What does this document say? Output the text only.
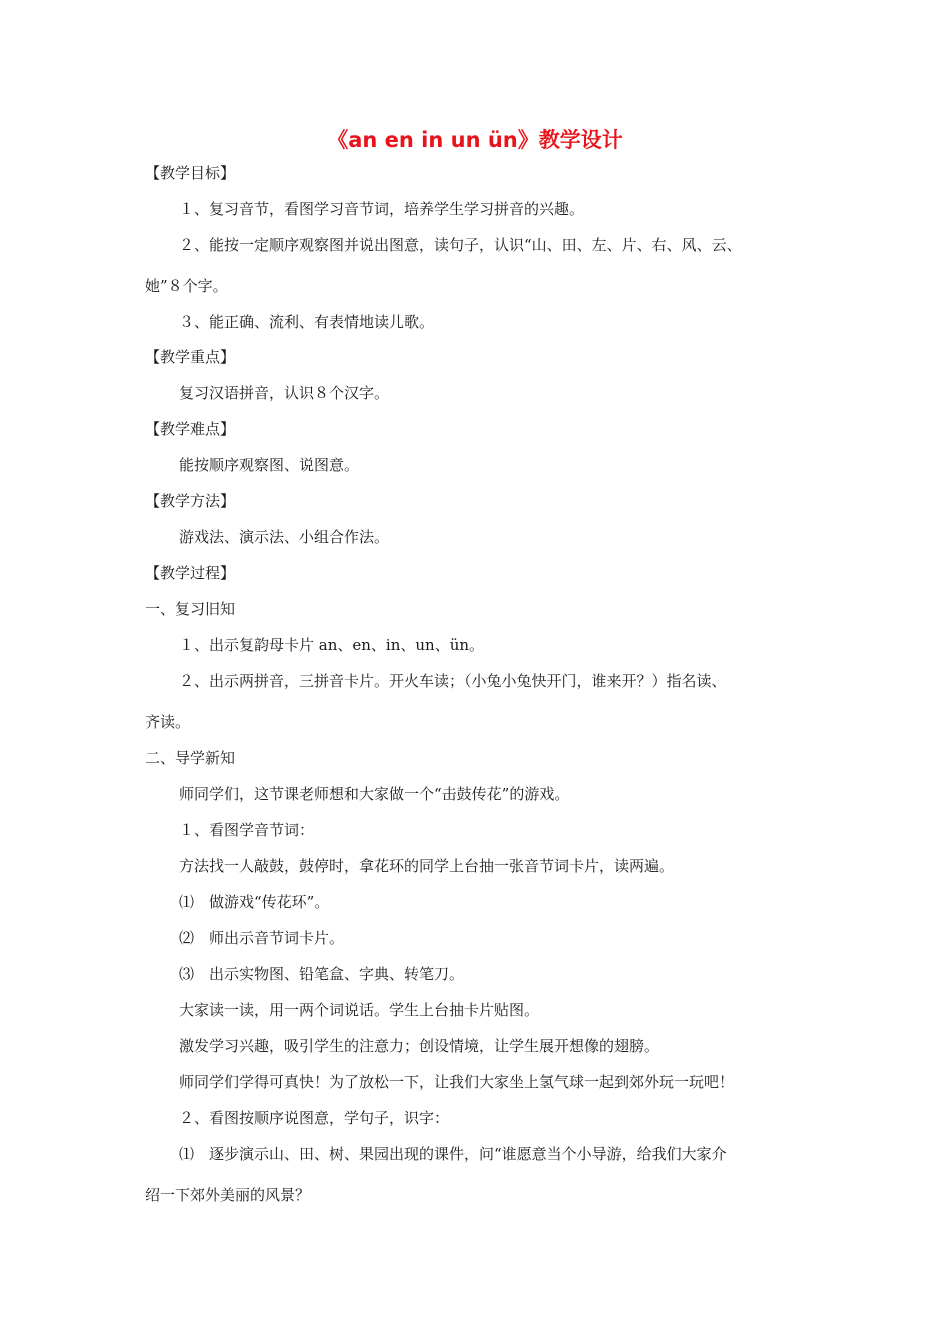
《an en in un ün》教学设计
【教学目标】
１、复习音节，看图学习音节词，培养学生学习拼音的兴趣。
２、能按一定顺序观察图并说出图意，读句子，认识“山、田、左、片、右、风、云、
她”８个字。
３、能正确、流利、有表情地读儿歌。
【教学重点】
复习汉语拼音，认识８个汉字。
【教学难点】
能按顺序观察图、说图意。
【教学方法】
游戏法、演示法、小组合作法。
【教学过程】
一、复习旧知
１、出示复韵母卡片 an、en、in、un、ün。
２、出示两拼音，三拼音卡片。开火车读；（小兔小兔快开门，谁来开？）指名读、
齐读。
二、导学新知
师同学们，这节课老师想和大家做一个“击鼓传花”的游戏。
１、看图学音节词：
方法找一人敲鼓，鼓停时，拿花环的同学上台抽一张音节词卡片，读两遍。
⑴ 做游戏“传花环”。
⑵ 师出示音节词卡片。
⑶ 出示实物图、铅笔盒、字典、转笔刀。
大家读一读，用一两个词说话。学生上台抽卡片贴图。
激发学习兴趣，吸引学生的注意力；创设情境，让学生展开想像的翅膀。
师同学们学得可真快！为了放松一下，让我们大家坐上氢气球一起到郊外玩一玩吧！
２、看图按顺序说图意，学句子，识字：
⑴ 逐步演示山、田、树、果园出现的课件，问“谁愿意当个小导游，给我们大家介
绍一下郊外美丽的风景？
